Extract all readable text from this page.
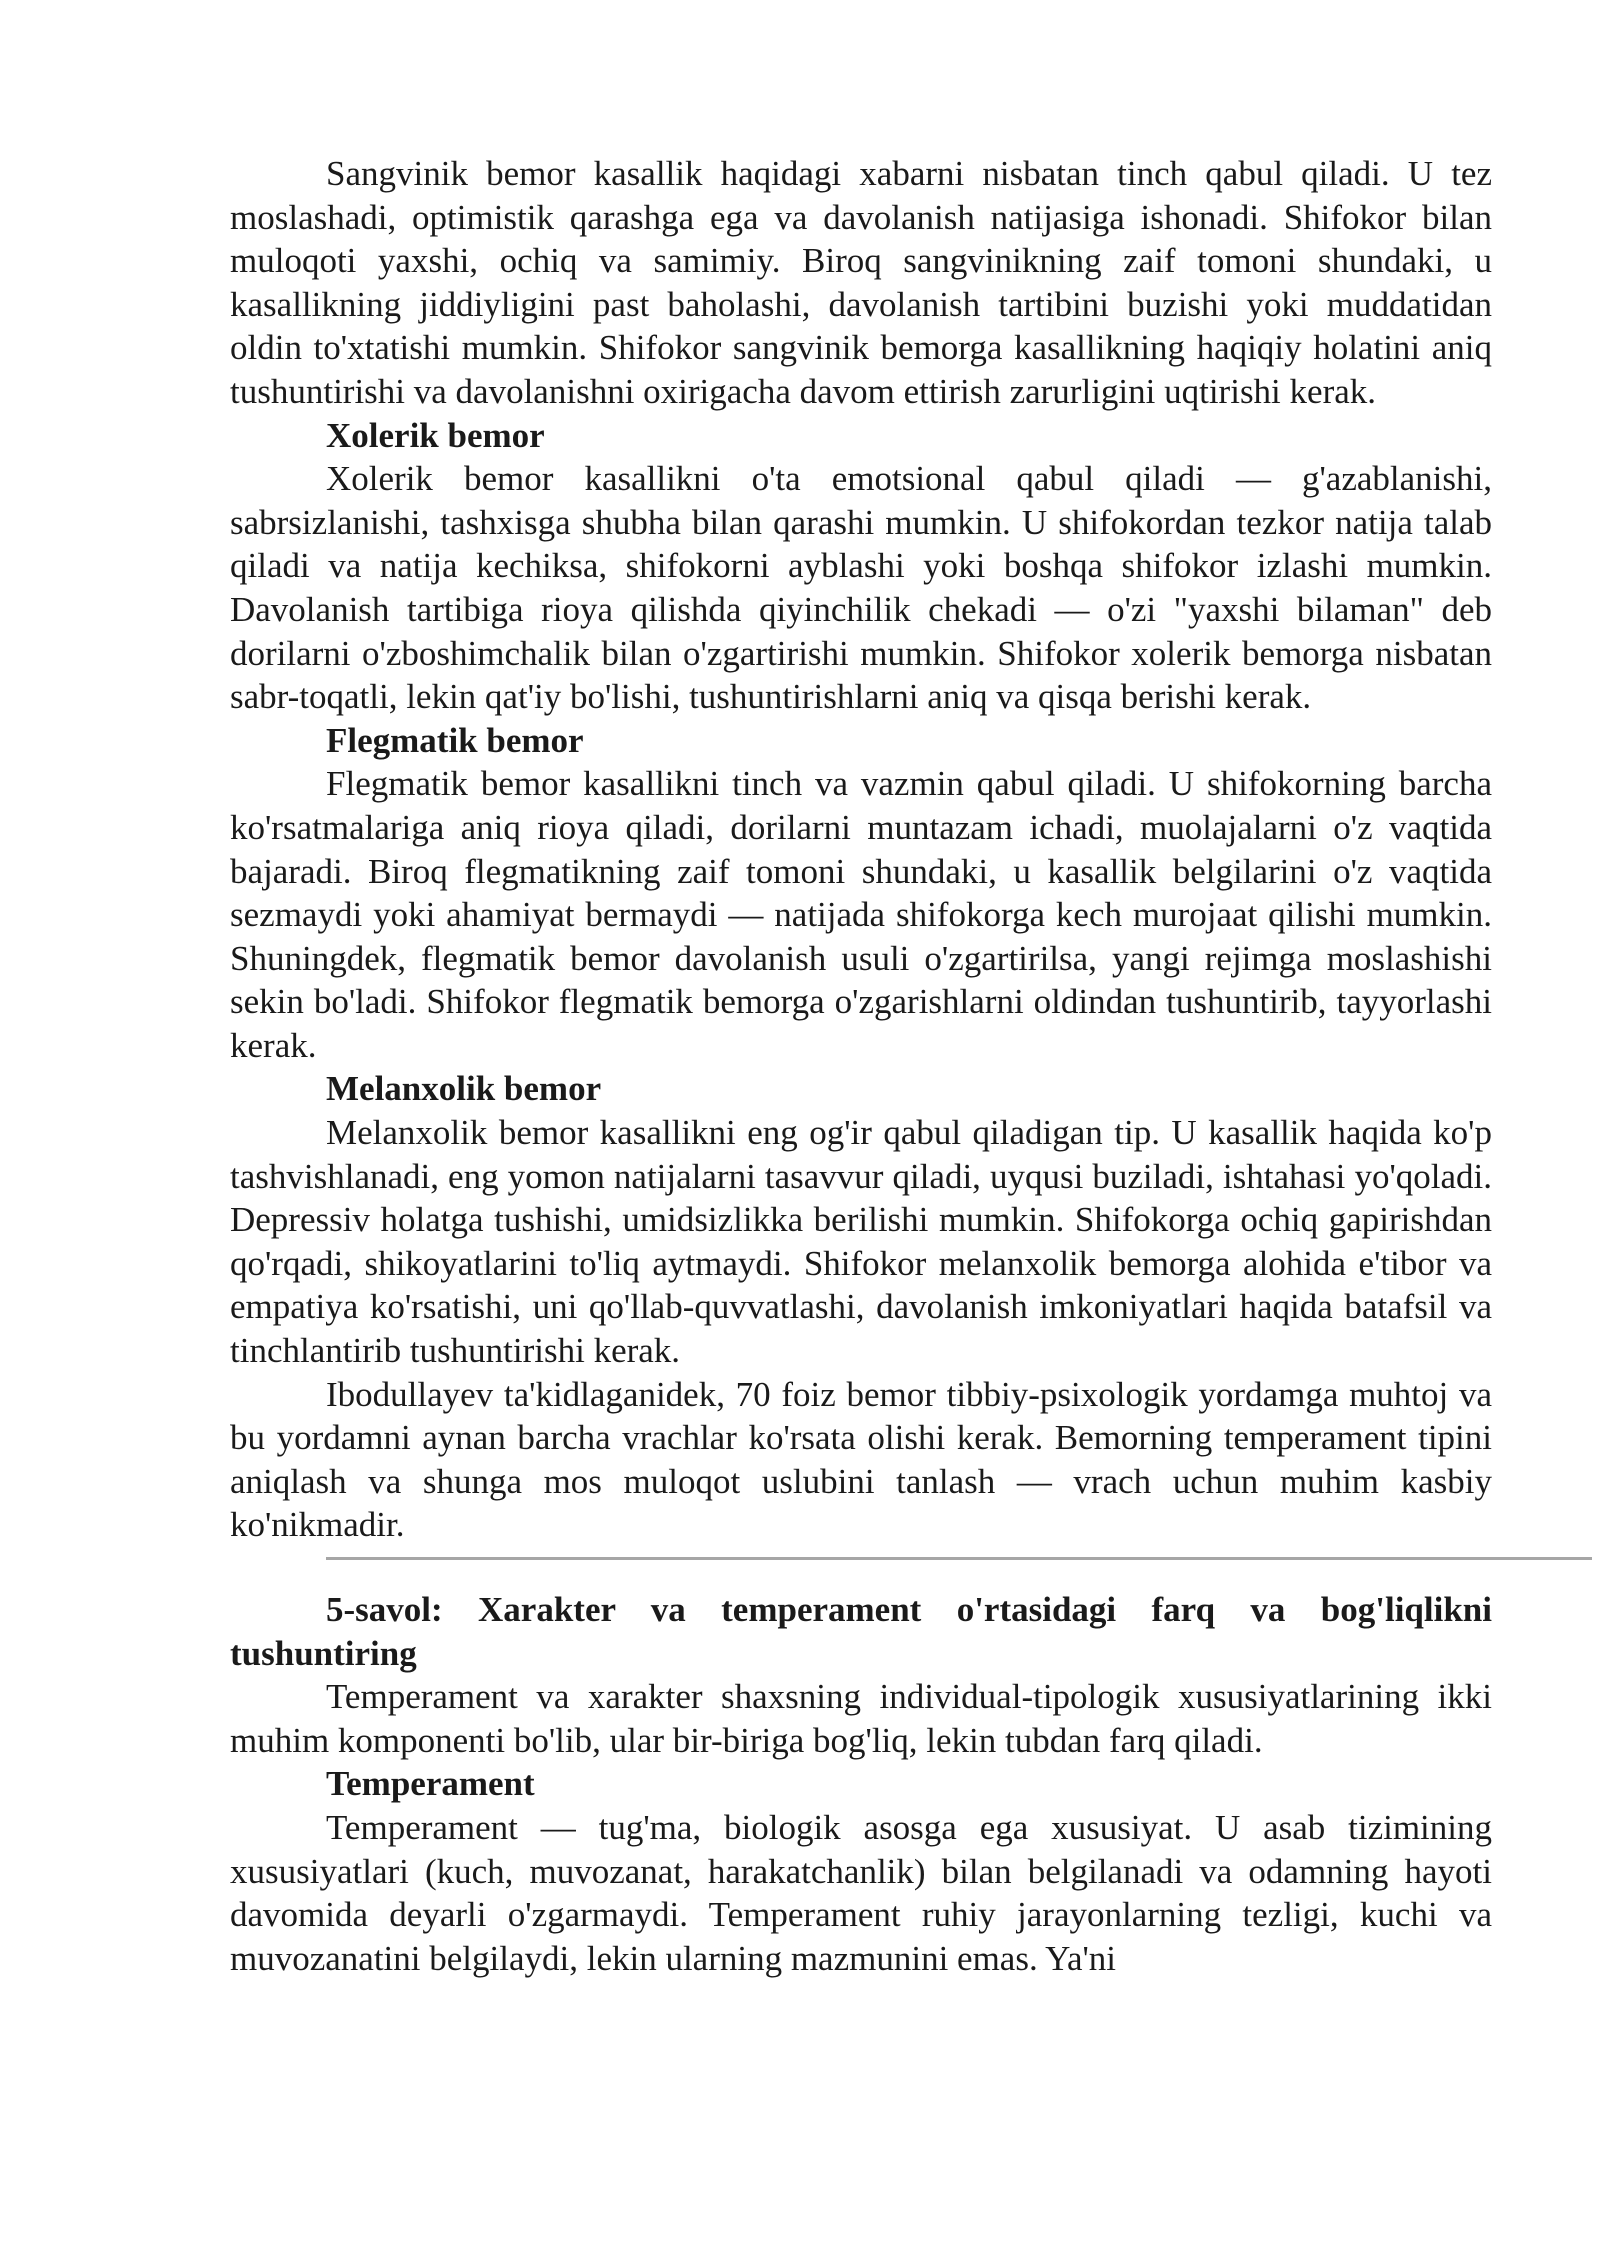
Sangvinik bemor kasallik haqidagi xabarni nisbatan tinch qabul qiladi. U tez moslashadi, optimistik qarashga ega va davolanish natijasiga ishonadi. Shifokor bilan muloqoti yaxshi, ochiq va samimiy. Biroq sangvinikning zaif tomoni shundaki, u kasallikning jiddiyligini past baholashi, davolanish tartibini buzishi yoki muddatidan oldin to'xtatishi mumkin. Shifokor sangvinik bemorga kasallikning haqiqiy holatini aniq tushuntirishi va davolanishni oxirigacha davom ettirish zarurligini uqtirishi kerak.

Xolerik bemor

Xolerik bemor kasallikni o'ta emotsional qabul qiladi — g'azablanishi, sabrsizlanishi, tashxisga shubha bilan qarashi mumkin. U shifokordan tezkor natija talab qiladi va natija kechiksa, shifokorni ayblashi yoki boshqa shifokor izlashi mumkin. Davolanish tartibiga rioya qilishda qiyinchilik chekadi — o'zi "yaxshi bilaman" deb dorilarni o'zboshimchalik bilan o'zgartirishi mumkin. Shifokor xolerik bemorga nisbatan sabr-toqatli, lekin qat'iy bo'lishi, tushuntirishlarni aniq va qisqa berishi kerak.

Flegmatik bemor

Flegmatik bemor kasallikni tinch va vazmin qabul qiladi. U shifokorning barcha ko'rsatmalariga aniq rioya qiladi, dorilarni muntazam ichadi, muolajalarni o'z vaqtida bajaradi. Biroq flegmatikning zaif tomoni shundaki, u kasallik belgilarini o'z vaqtida sezmaydi yoki ahamiyat bermaydi — natijada shifokorga kech murojaat qilishi mumkin. Shuningdek, flegmatik bemor davolanish usuli o'zgartirilsa, yangi rejimga moslashishi sekin bo'ladi. Shifokor flegmatik bemorga o'zgarishlarni oldindan tushuntirib, tayyorlashi kerak.

Melanxolik bemor

Melanxolik bemor kasallikni eng og'ir qabul qiladigan tip. U kasallik haqida ko'p tashvishlanadi, eng yomon natijalarni tasavvur qiladi, uyqusi buziladi, ishtahasi yo'qoladi. Depressiv holatga tushishi, umidsizlikka berilishi mumkin. Shifokorga ochiq gapirishdan qo'rqadi, shikoyatlarini to'liq aytmaydi. Shifokor melanxolik bemorga alohida e'tibor va empatiya ko'rsatishi, uni qo'llab-quvvatlashi, davolanish imkoniyatlari haqida batafsil va tinchlantirib tushuntirishi kerak.

Ibodullayev ta'kidlaganidek, 70 foiz bemor tibbiy-psixologik yordamga muhtoj va bu yordamni aynan barcha vrachlar ko'rsata olishi kerak. Bemorning temperament tipini aniqlash va shunga mos muloqot uslubini tanlash — vrach uchun muhim kasbiy ko'nikmadir.

5-savol: Xarakter va temperament o'rtasidagi farq va bog'liqlikni tushuntiring

Temperament va xarakter shaxsning individual-tipologik xususiyatlarining ikki muhim komponenti bo'lib, ular bir-biriga bog'liq, lekin tubdan farq qiladi.

Temperament

Temperament — tug'ma, biologik asosga ega xususiyat. U asab tizimining xususiyatlari (kuch, muvozanat, harakatchanlik) bilan belgilanadi va odamning hayoti davomida deyarli o'zgarmaydi. Temperament ruhiy jarayonlarning tezligi, kuchi va muvozanatini belgilaydi, lekin ularning mazmunini emas. Ya'ni
